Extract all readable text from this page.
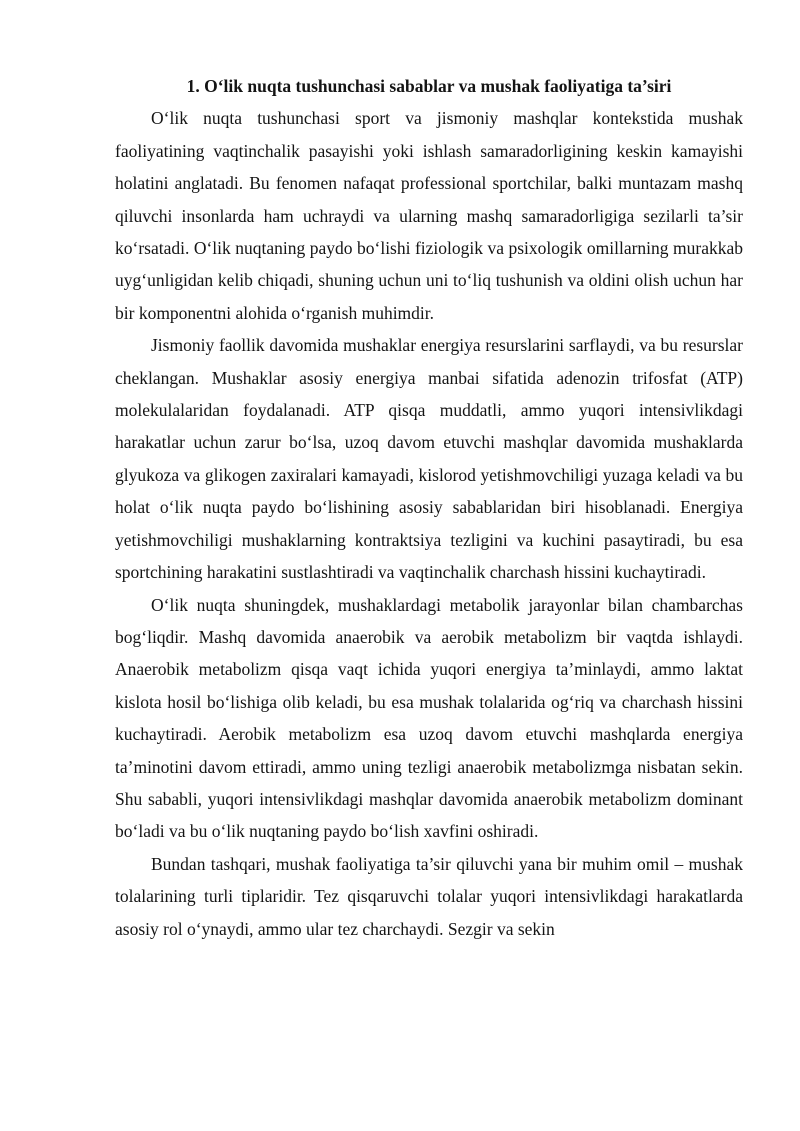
1. O‘lik nuqta tushunchasi sabablar va mushak faoliyatiga ta’siri

O‘lik nuqta tushunchasi sport va jismoniy mashqlar kontekstida mushak faoliyatining vaqtinchalik pasayishi yoki ishlash samaradorligining keskin kamayishi holatini anglatadi. Bu fenomen nafaqat professional sportchilar, balki muntazam mashq qiluvchi insonlarda ham uchraydi va ularning mashq samaradorligiga sezilarli ta’sir ko‘rsatadi. O‘lik nuqtaning paydo bo‘lishi fiziologik va psixologik omillarning murakkab uyg‘unligidan kelib chiqadi, shuning uchun uni to‘liq tushunish va oldini olish uchun har bir komponentni alohida o‘rganish muhimdir.

Jismoniy faollik davomida mushaklar energiya resurslarini sarflaydi, va bu resurslar cheklangan. Mushaklar asosiy energiya manbai sifatida adenozin trifosfat (ATP) molekulalaridan foydalanadi. ATP qisqa muddatli, ammo yuqori intensivlikdagi harakatlar uchun zarur bo‘lsa, uzoq davom etuvchi mashqlar davomida mushaklarda glyukoza va glikogen zaxiralari kamayadi, kislorod yetishmovchiligi yuzaga keladi va bu holat o‘lik nuqta paydo bo‘lishining asosiy sabablaridan biri hisoblanadi. Energiya yetishmovchiligi mushaklarning kontraktsiya tezligini va kuchini pasaytiradi, bu esa sportchining harakatini sustlashtiradi va vaqtinchalik charchash hissini kuchaytiradi.

O‘lik nuqta shuningdek, mushaklardagi metabolik jarayonlar bilan chambarchas bog‘liqdir. Mashq davomida anaerobik va aerobik metabolizm bir vaqtda ishlaydi. Anaerobik metabolizm qisqa vaqt ichida yuqori energiya ta’minlaydi, ammo laktat kislota hosil bo‘lishiga olib keladi, bu esa mushak tolalarida og‘riq va charchash hissini kuchaytiradi. Aerobik metabolizm esa uzoq davom etuvchi mashqlarda energiya ta’minotini davom ettiradi, ammo uning tezligi anaerobik metabolizmga nisbatan sekin. Shu sababli, yuqori intensivlikdagi mashqlar davomida anaerobik metabolizm dominant bo‘ladi va bu o‘lik nuqtaning paydo bo‘lish xavfini oshiradi.

Bundan tashqari, mushak faoliyatiga ta’sir qiluvchi yana bir muhim omil – mushak tolalarining turli tiplaridir. Tez qisqaruvchi tolalar yuqori intensivlikdagi harakatlarda asosiy rol o‘ynaydi, ammo ular tez charchaydi. Sezgir va sekin
